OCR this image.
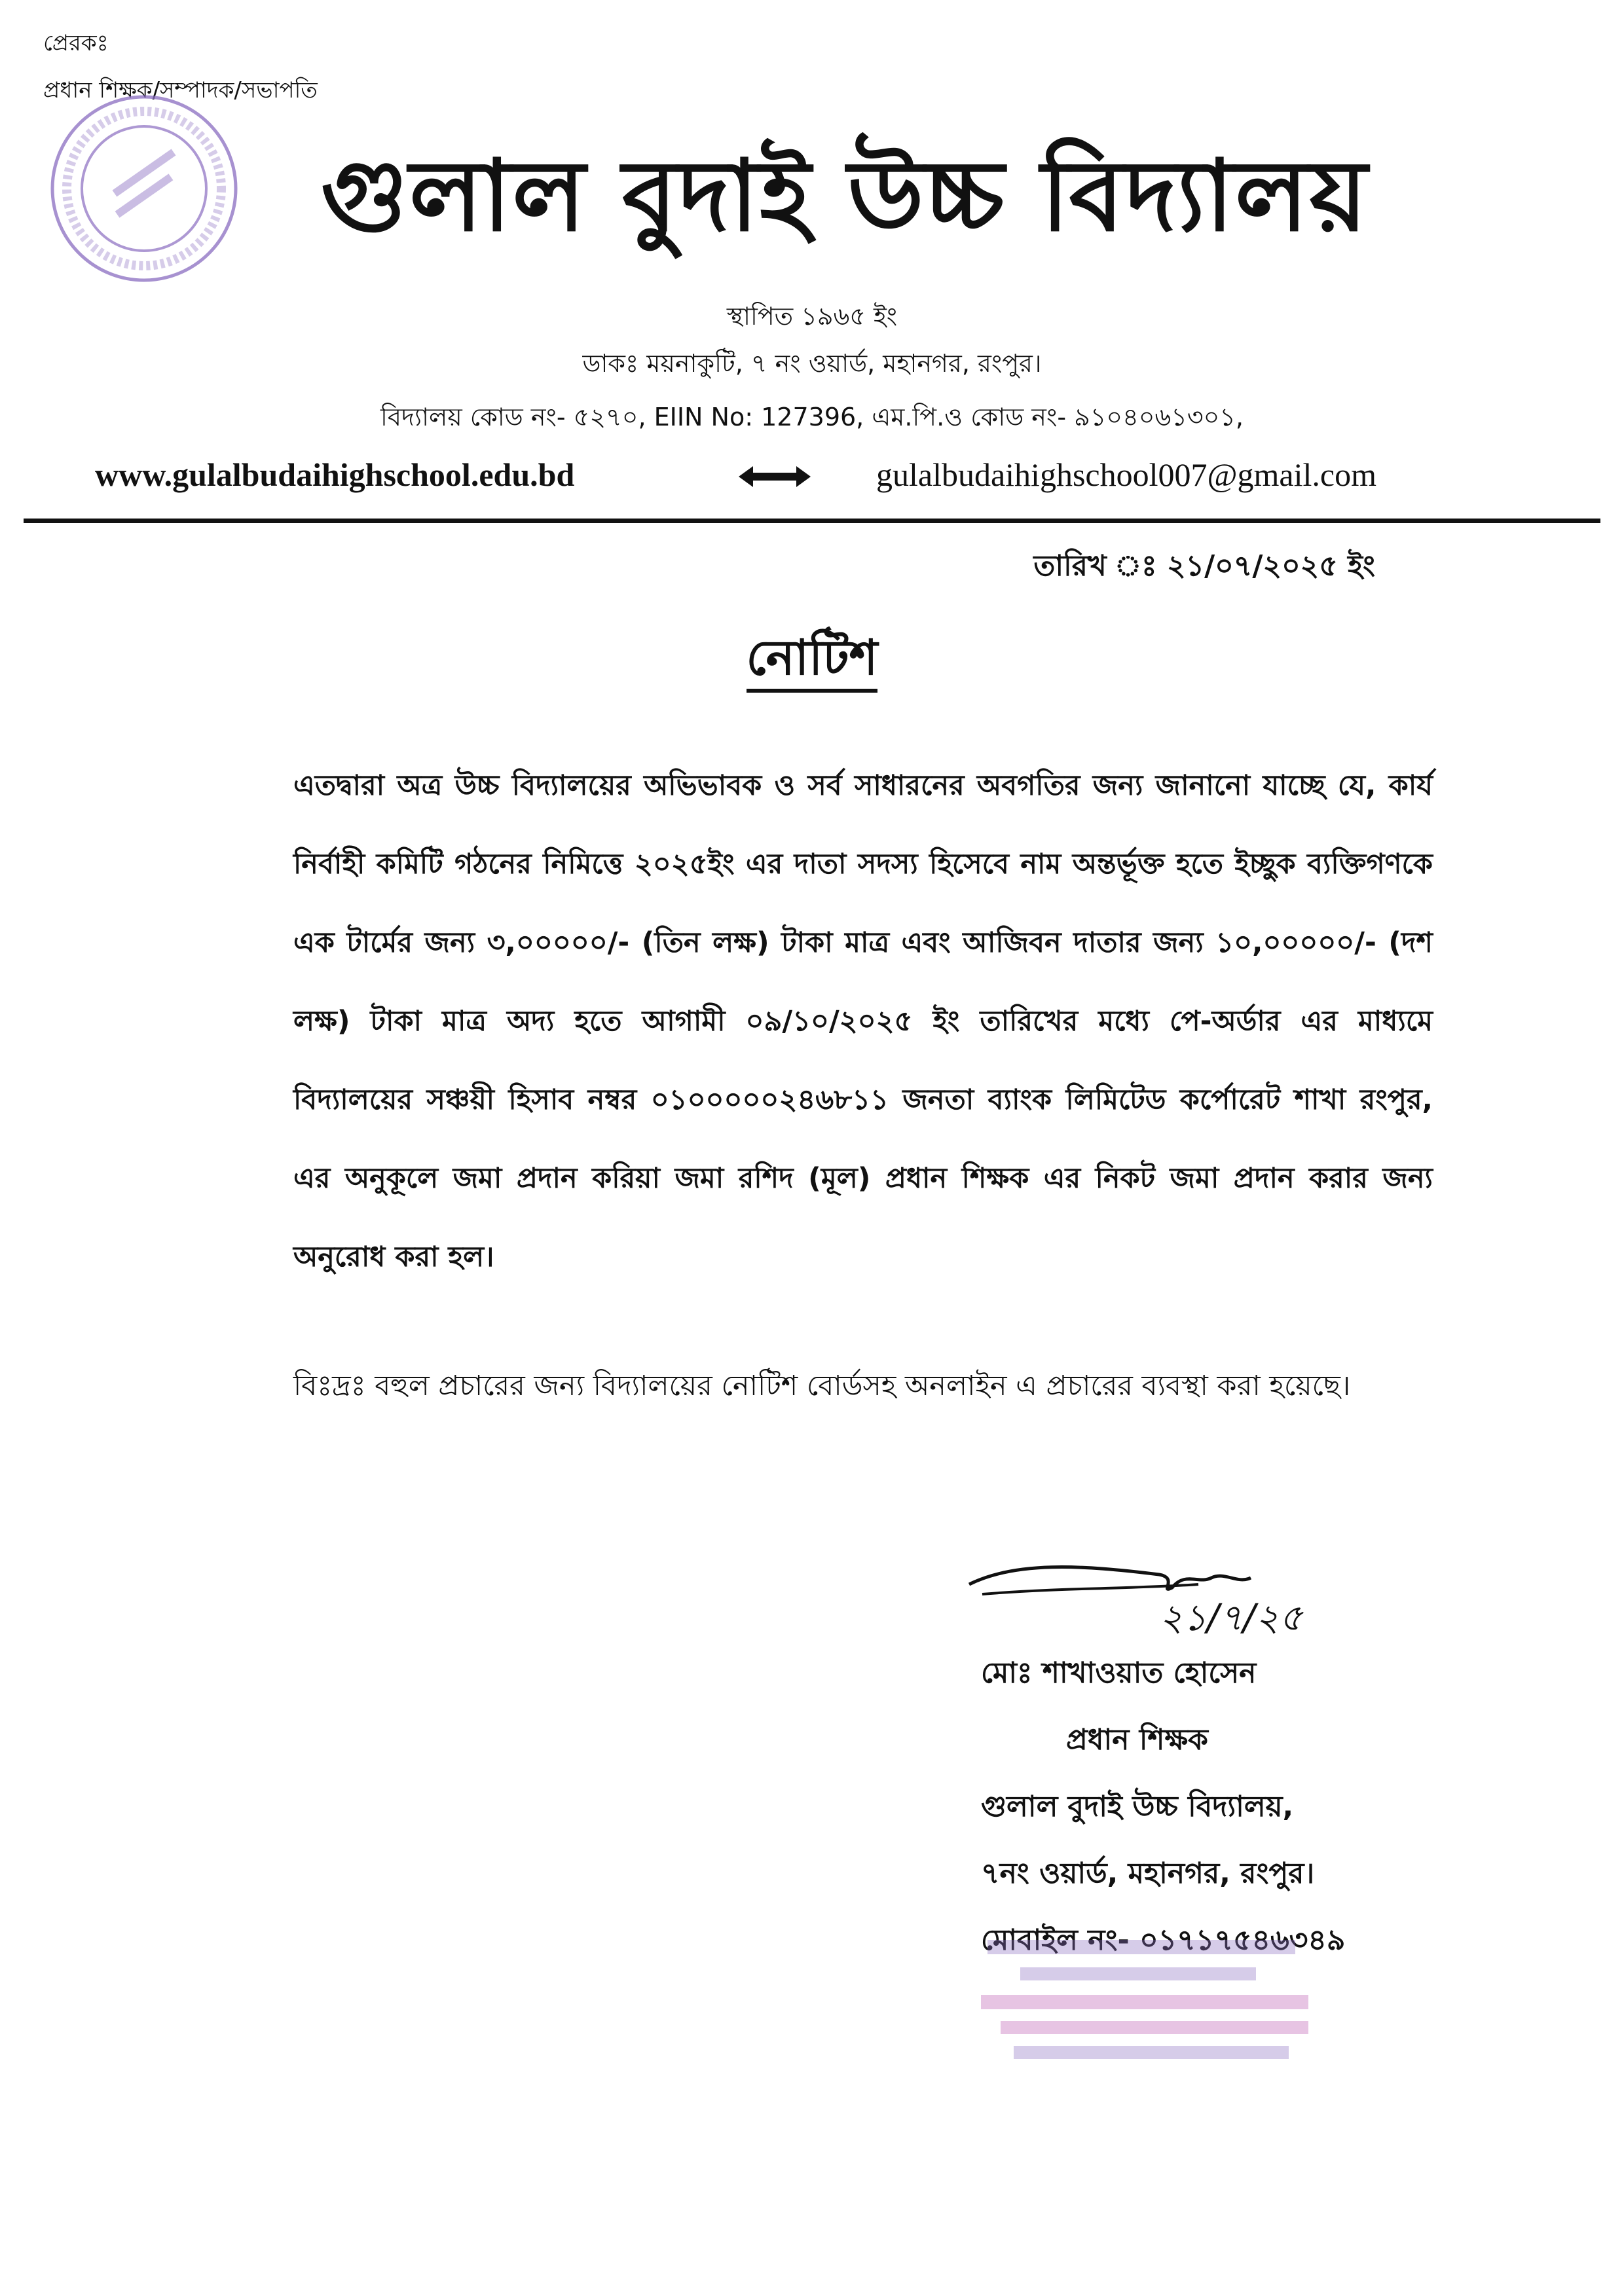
প্রেরকঃ
প্রধান শিক্ষক/সম্পাদক/সভাপতি
গুলাল বুদাই উচ্চ বিদ্যালয়
স্থাপিত ১৯৬৫ ইং
ডাকঃ ময়নাকুটি, ৭ নং ওয়ার্ড, মহানগর, রংপুর।
বিদ্যালয় কোড নং- ৫২৭০, EIIN No: 127396, এম.পি.ও কোড নং- ৯১০৪০৬১৩০১,
www.gulalbudaihighschool.edu.bd	gulalbudaihighschool007@gmail.com
তারিখ ঃ ২১/০৭/২০২৫ ইং
নোটিশ
এতদ্বারা অত্র উচ্চ বিদ্যালয়ের অভিভাবক ও সর্ব সাধারনের অবগতির জন্য জানানো যাচ্ছে যে, কার্য নির্বাহী কমিটি গঠনের নিমিত্তে ২০২৫ইং এর দাতা সদস্য হিসেবে নাম অন্তর্ভূক্ত হতে ইচ্ছুক ব্যক্তিগণকে এক টার্মের জন্য ৩,০০০০০/- (তিন লক্ষ) টাকা মাত্র এবং আজিবন দাতার জন্য ১০,০০০০০/- (দশ লক্ষ) টাকা মাত্র অদ্য হতে আগামী ০৯/১০/২০২৫ ইং তারিখের মধ্যে পে-অর্ডার এর মাধ্যমে বিদ্যালয়ের সঞ্চয়ী হিসাব নম্বর ০১০০০০০২৪৬৮১১ জনতা ব্যাংক লিমিটেড কর্পোরেট শাখা রংপুর, এর অনুকূলে জমা প্রদান করিয়া জমা রশিদ (মূল) প্রধান শিক্ষক এর নিকট জমা প্রদান করার জন্য অনুরোধ করা হল।
বিঃদ্রঃ বহুল প্রচারের জন্য বিদ্যালয়ের নোটিশ বোর্ডসহ অনলাইন এ প্রচারের ব্যবস্থা করা হয়েছে।
২১/৭/২৫
মোঃ শাখাওয়াত হোসেন
প্রধান শিক্ষক
গুলাল বুদাই উচ্চ বিদ্যালয়,
৭নং ওয়ার্ড, মহানগর, রংপুর।
মোবাইল নং- ০১৭১৭৫৪৬৩৪৯
